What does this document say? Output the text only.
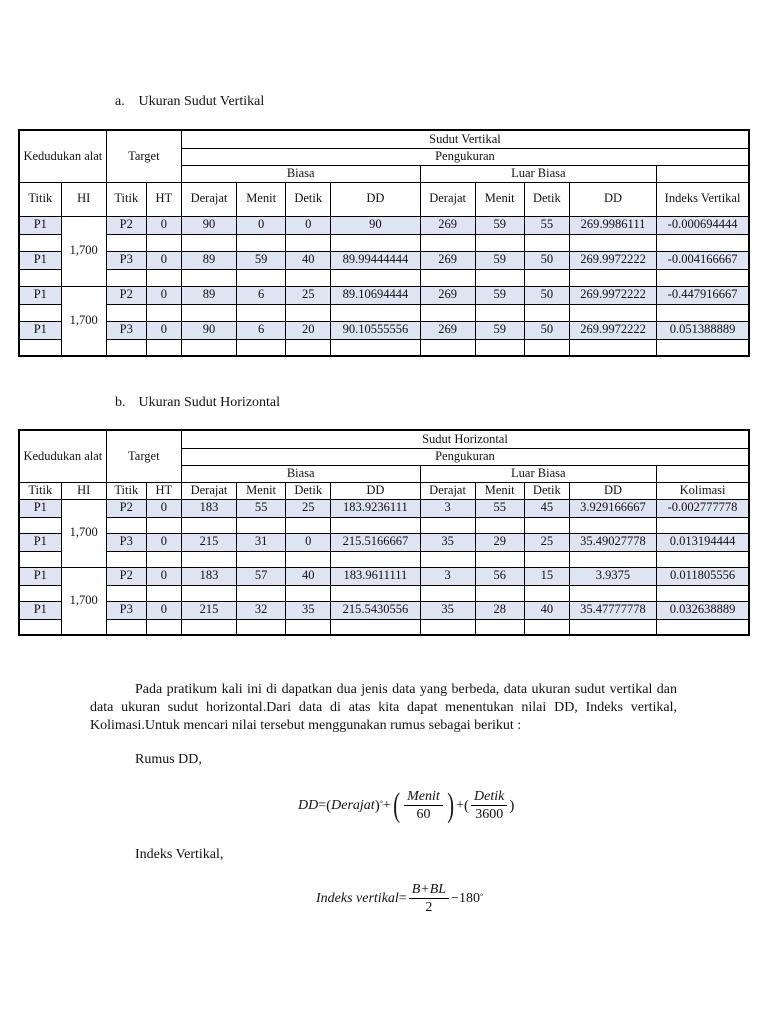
a. Ukuran Sudut Vertikal
Kedudukan alat		Target		Sudut Vertikal								
				Pengukuran								
				Biasa				Luar Biasa				
Titik	HI	Titik	HT	Derajat	Menit	Detik	DD	Derajat	Menit	Detik	DD	Indeks Vertikal
P1	1,700	P2	0	90	0	0	90	269	59	55	269.9986111	-0.000694444

P1		P3	0	89	59	40	89.99444444	269	59	50	269.9972222	-0.004166667

P1	1,700	P2	0	89	6	25	89.10694444	269	59	50	269.9972222	-0.447916667

P1		P3	0	90	6	20	90.10555556	269	59	50	269.9972222	0.051388889

b. Ukuran Sudut Horizontal
Kedudukan alat		Target		Sudut Horizontal								
				Pengukuran								
				Biasa				Luar Biasa				
Titik	HI	Titik	HT	Derajat	Menit	Detik	DD	Derajat	Menit	Detik	DD	Kolimasi
P1	1,700	P2	0	183	55	25	183.9236111	3	55	45	3.929166667	-0.002777778

P1		P3	0	215	31	0	215.5166667	35	29	25	35.49027778	0.013194444

P1	1,700	P2	0	183	57	40	183.9611111	3	56	15	3.9375	0.011805556

P1		P3	0	215	32	35	215.5430556	35	28	40	35.47777778	0.032638889

Pada pratikum kali ini di dapatkan dua jenis data yang berbeda, data ukuran sudut vertikal dan data ukuran sudut horizontal.Dari data di atas kita dapat menentukan nilai DD, Indeks vertikal, Kolimasi.Untuk mencari nilai tersebut menggunakan rumus sebagai berikut :
Rumus DD,
DD = ( Derajat )° + ( $\frac{\text{Menit}}{60}$ ) + ( $\frac{\text{Detik}}{3600}$ )
Indeks Vertikal,
Indeks vertikal = $\frac{B+BL}{2} -180^\circ$
